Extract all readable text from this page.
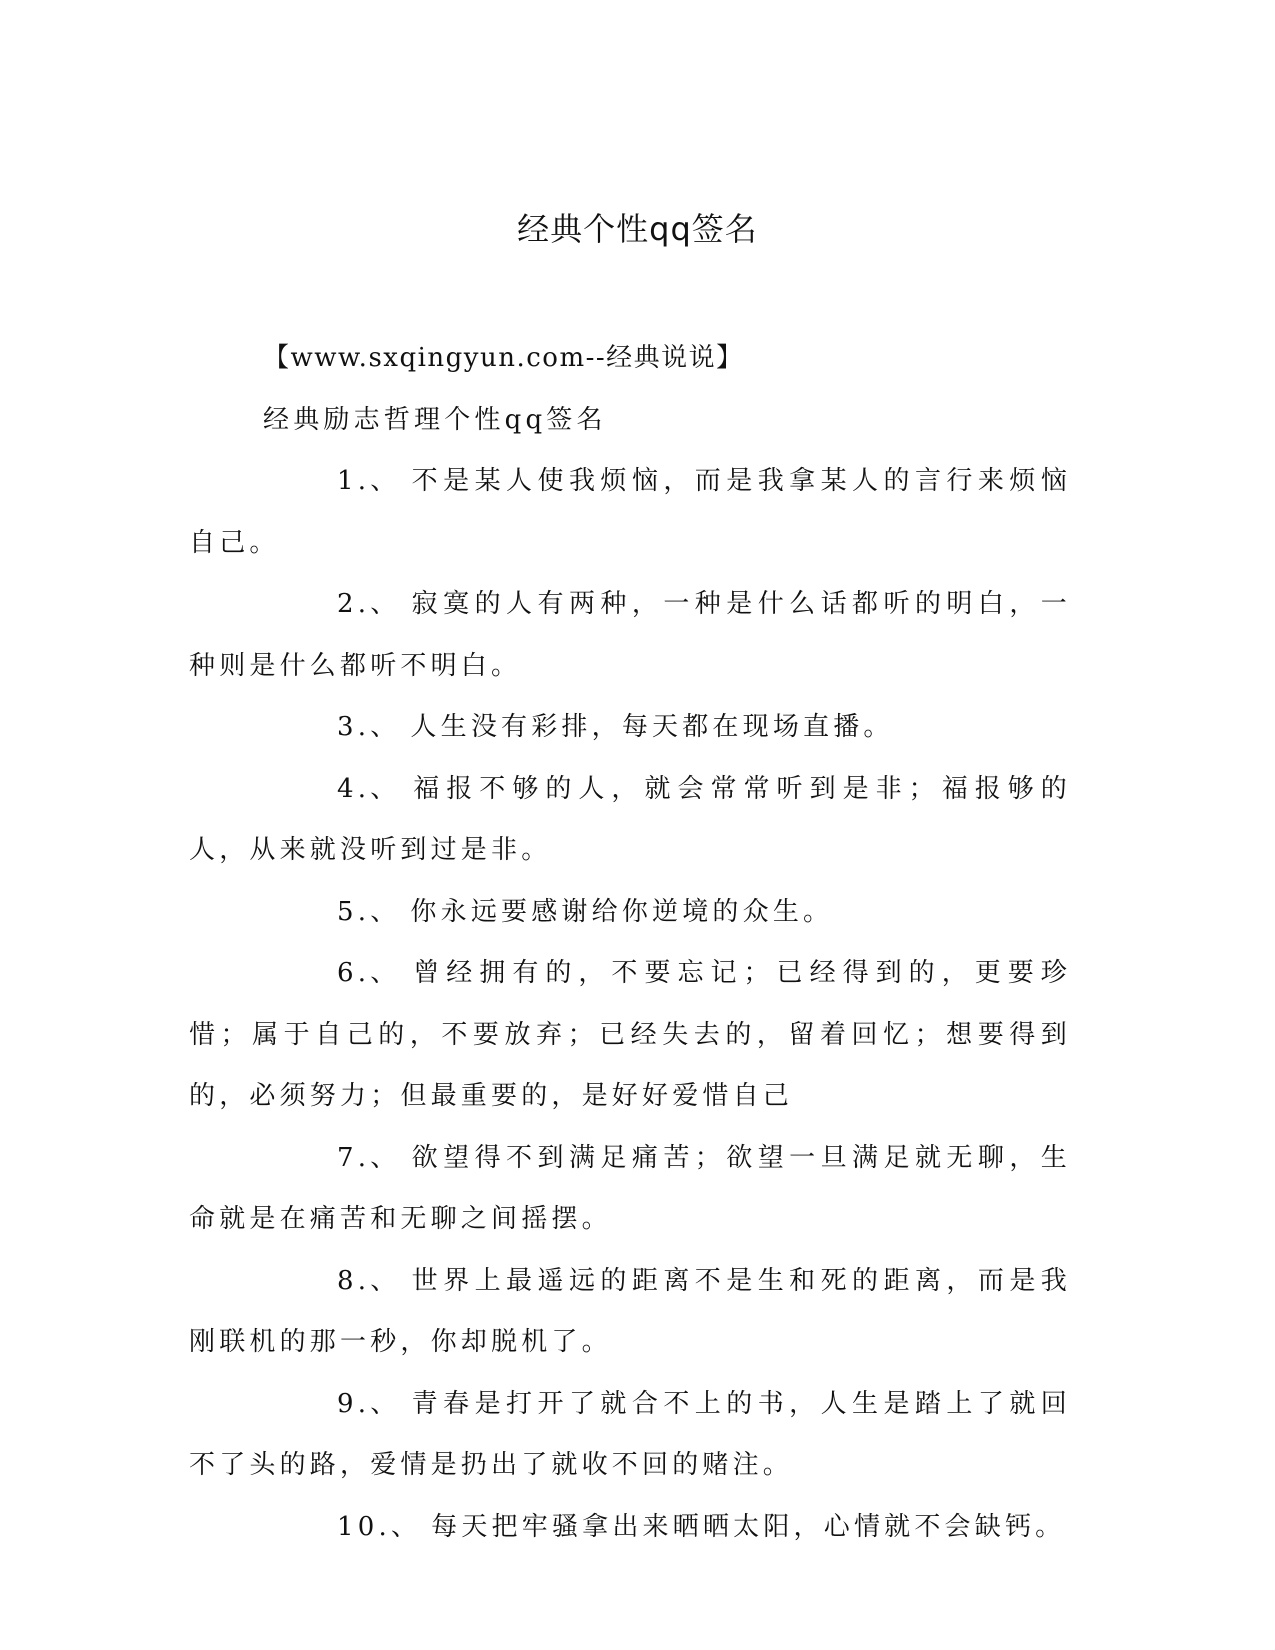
经典个性qq签名

【www.sxqingyun.com--经典说说】

经典励志哲理个性qq签名

1.、 不是某人使我烦恼，而是我拿某人的言行来烦恼自己。

2.、 寂寞的人有两种，一种是什么话都听的明白，一种则是什么都听不明白。

3.、 人生没有彩排，每天都在现场直播。

4.、 福报不够的人，就会常常听到是非；福报够的人，从来就没听到过是非。

5.、 你永远要感谢给你逆境的众生。

6.、 曾经拥有的，不要忘记；已经得到的，更要珍惜；属于自己的，不要放弃；已经失去的，留着回忆；想要得到的，必须努力；但最重要的，是好好爱惜自己

7.、 欲望得不到满足痛苦；欲望一旦满足就无聊，生命就是在痛苦和无聊之间摇摆。

8.、 世界上最遥远的距离不是生和死的距离，而是我刚联机的那一秒，你却脱机了。

9.、 青春是打开了就合不上的书，人生是踏上了就回不了头的路，爱情是扔出了就收不回的赌注。

10.、 每天把牢骚拿出来晒晒太阳，心情就不会缺钙。
